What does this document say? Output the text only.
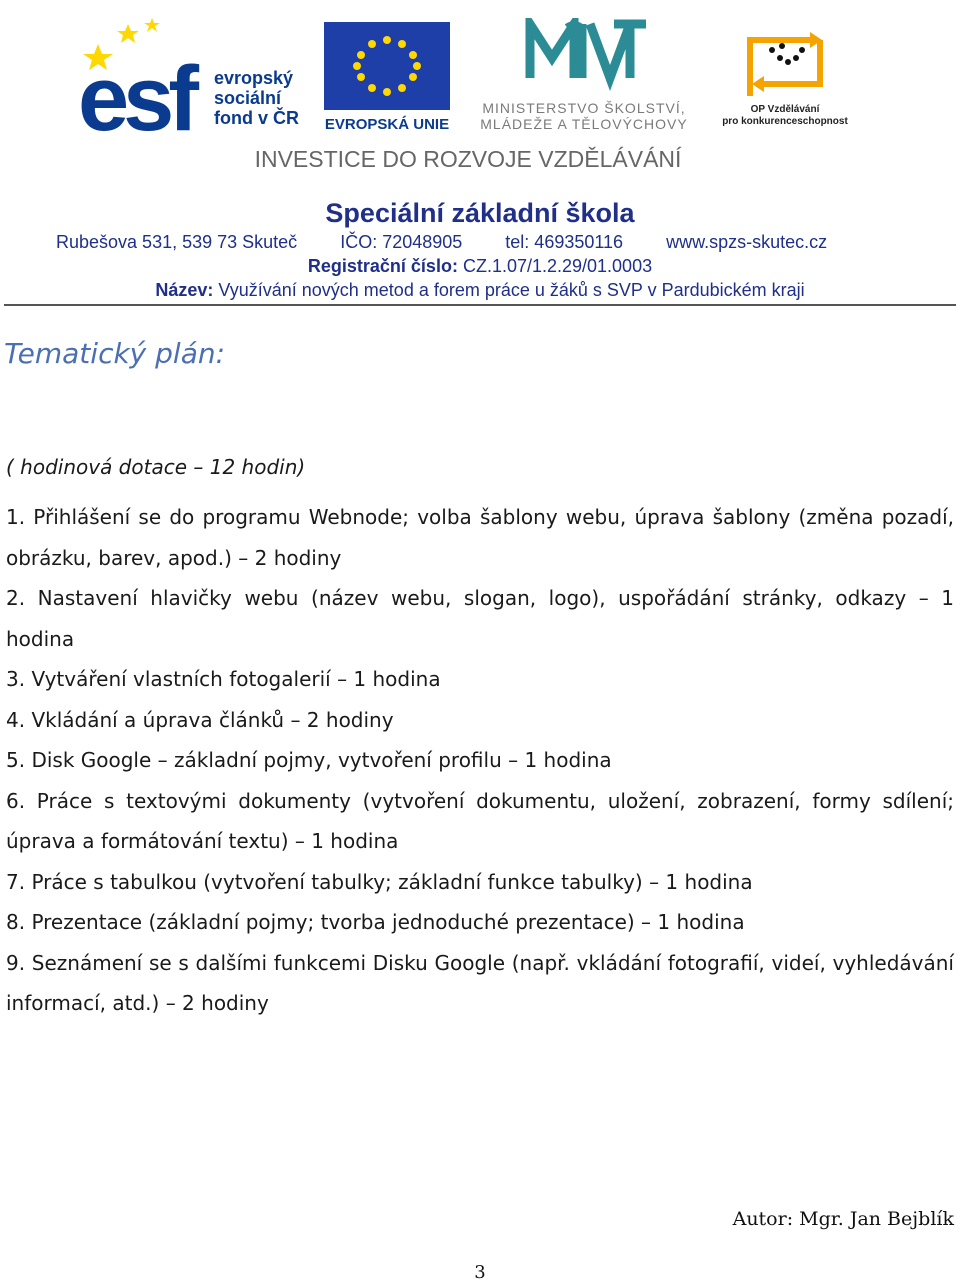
esf	evropský
sociální
fond v ČR	EVROPSKÁ UNIE
MINISTERSTVO ŠKOLSTVÍ,
MLÁDEŽE A TĚLOVÝCHOVY
OP Vzdělávání
pro konkurenceschopnost
INVESTICE DO ROZVOJE VZDĚLÁVÁNÍ
Speciální základní škola
Rubešova 531, 539 73 Skuteč IČO: 72048905 tel: 469350116 www.spzs-skutec.cz
Registrační číslo: CZ.1.07/1.2.29/01.0003
Název: Využívání nových metod a forem práce u žáků s SVP v Pardubickém kraji
Tematický plán:
( hodinová dotace – 12 hodin)
1. Přihlášení se do programu Webnode; volba šablony webu, úprava šablony (změna pozadí, obrázku, barev, apod.) – 2 hodiny
2. Nastavení hlavičky webu (název webu, slogan, logo), uspořádání stránky, odkazy – 1 hodina
3. Vytváření vlastních fotogalerií – 1 hodina
4. Vkládání a úprava článků – 2 hodiny
5. Disk Google – základní pojmy, vytvoření profilu – 1 hodina
6. Práce s textovými dokumenty (vytvoření dokumentu, uložení, zobrazení, formy sdílení; úprava a formátování textu) – 1 hodina
7. Práce s tabulkou (vytvoření tabulky; základní funkce tabulky) – 1 hodina
8. Prezentace (základní pojmy; tvorba jednoduché prezentace) – 1 hodina
9. Seznámení se s dalšími funkcemi Disku Google (např. vkládání fotografií, videí, vyhledávání informací, atd.) – 2 hodiny
Autor: Mgr. Jan Bejblík
3
